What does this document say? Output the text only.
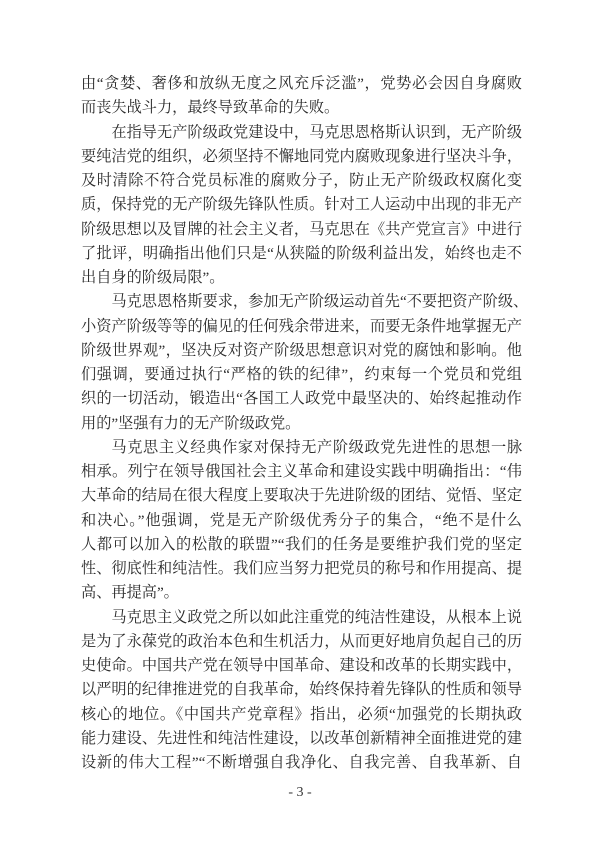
由“贪婪、奢侈和放纵无度之风充斥泛滥”，党势必会因自身腐败
而丧失战斗力，最终导致革命的失败。
在指导无产阶级政党建设中，马克思恩格斯认识到，无产阶级
要纯洁党的组织，必须坚持不懈地同党内腐败现象进行坚决斗争，
及时清除不符合党员标准的腐败分子，防止无产阶级政权腐化变
质，保持党的无产阶级先锋队性质。针对工人运动中出现的非无产
阶级思想以及冒牌的社会主义者，马克思在《共产党宣言》中进行
了批评，明确指出他们只是“从狭隘的阶级利益出发，始终也走不
出自身的阶级局限”。
马克思恩格斯要求，参加无产阶级运动首先“不要把资产阶级、
小资产阶级等等的偏见的任何残余带进来，而要无条件地掌握无产
阶级世界观”，坚决反对资产阶级思想意识对党的腐蚀和影响。他
们强调，要通过执行“严格的铁的纪律”，约束每一个党员和党组
织的一切活动，锻造出“各国工人政党中最坚决的、始终起推动作
用的”坚强有力的无产阶级政党。
马克思主义经典作家对保持无产阶级政党先进性的思想一脉
相承。列宁在领导俄国社会主义革命和建设实践中明确指出：“伟
大革命的结局在很大程度上要取决于先进阶级的团结、觉悟、坚定
和决心。”他强调，党是无产阶级优秀分子的集合，“绝不是什么
人都可以加入的松散的联盟”“我们的任务是要维护我们党的坚定
性、彻底性和纯洁性。我们应当努力把党员的称号和作用提高、提
高、再提高”。
马克思主义政党之所以如此注重党的纯洁性建设，从根本上说
是为了永葆党的政治本色和生机活力，从而更好地肩负起自己的历
史使命。中国共产党在领导中国革命、建设和改革的长期实践中，
以严明的纪律推进党的自我革命，始终保持着先锋队的性质和领导
核心的地位。《中国共产党章程》指出，必须“加强党的长期执政
能力建设、先进性和纯洁性建设，以改革创新精神全面推进党的建
设新的伟大工程”“不断增强自我净化、自我完善、自我革新、自
- 3 -
